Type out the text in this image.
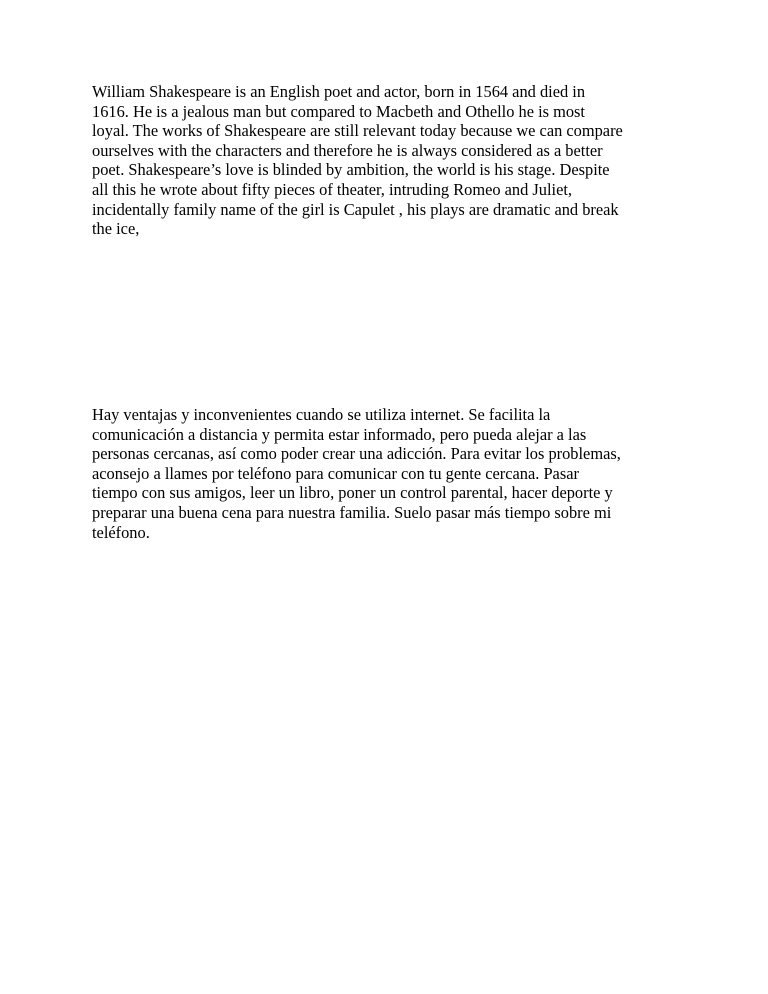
William Shakespeare is an English poet and actor, born in 1564 and died in
1616. He is a jealous man but compared to Macbeth and Othello he is most
loyal. The works of Shakespeare are still relevant today because we can compare
ourselves with the characters and therefore he is always considered as a better
poet. Shakespeare’s love is blinded by ambition, the world is his stage. Despite
all this he wrote about fifty pieces of theater, intruding Romeo and Juliet,
incidentally family name of the girl is Capulet , his plays are dramatic and break
the ice,

Hay ventajas y inconvenientes cuando se utiliza internet. Se facilita la
comunicación a distancia y permita estar informado, pero pueda alejar a las
personas cercanas, así como poder crear una adicción. Para evitar los problemas,
aconsejo a llames por teléfono para comunicar con tu gente cercana. Pasar
tiempo con sus amigos, leer un libro, poner un control parental, hacer deporte y
preparar una buena cena para nuestra familia. Suelo pasar más tiempo sobre mi
teléfono.
